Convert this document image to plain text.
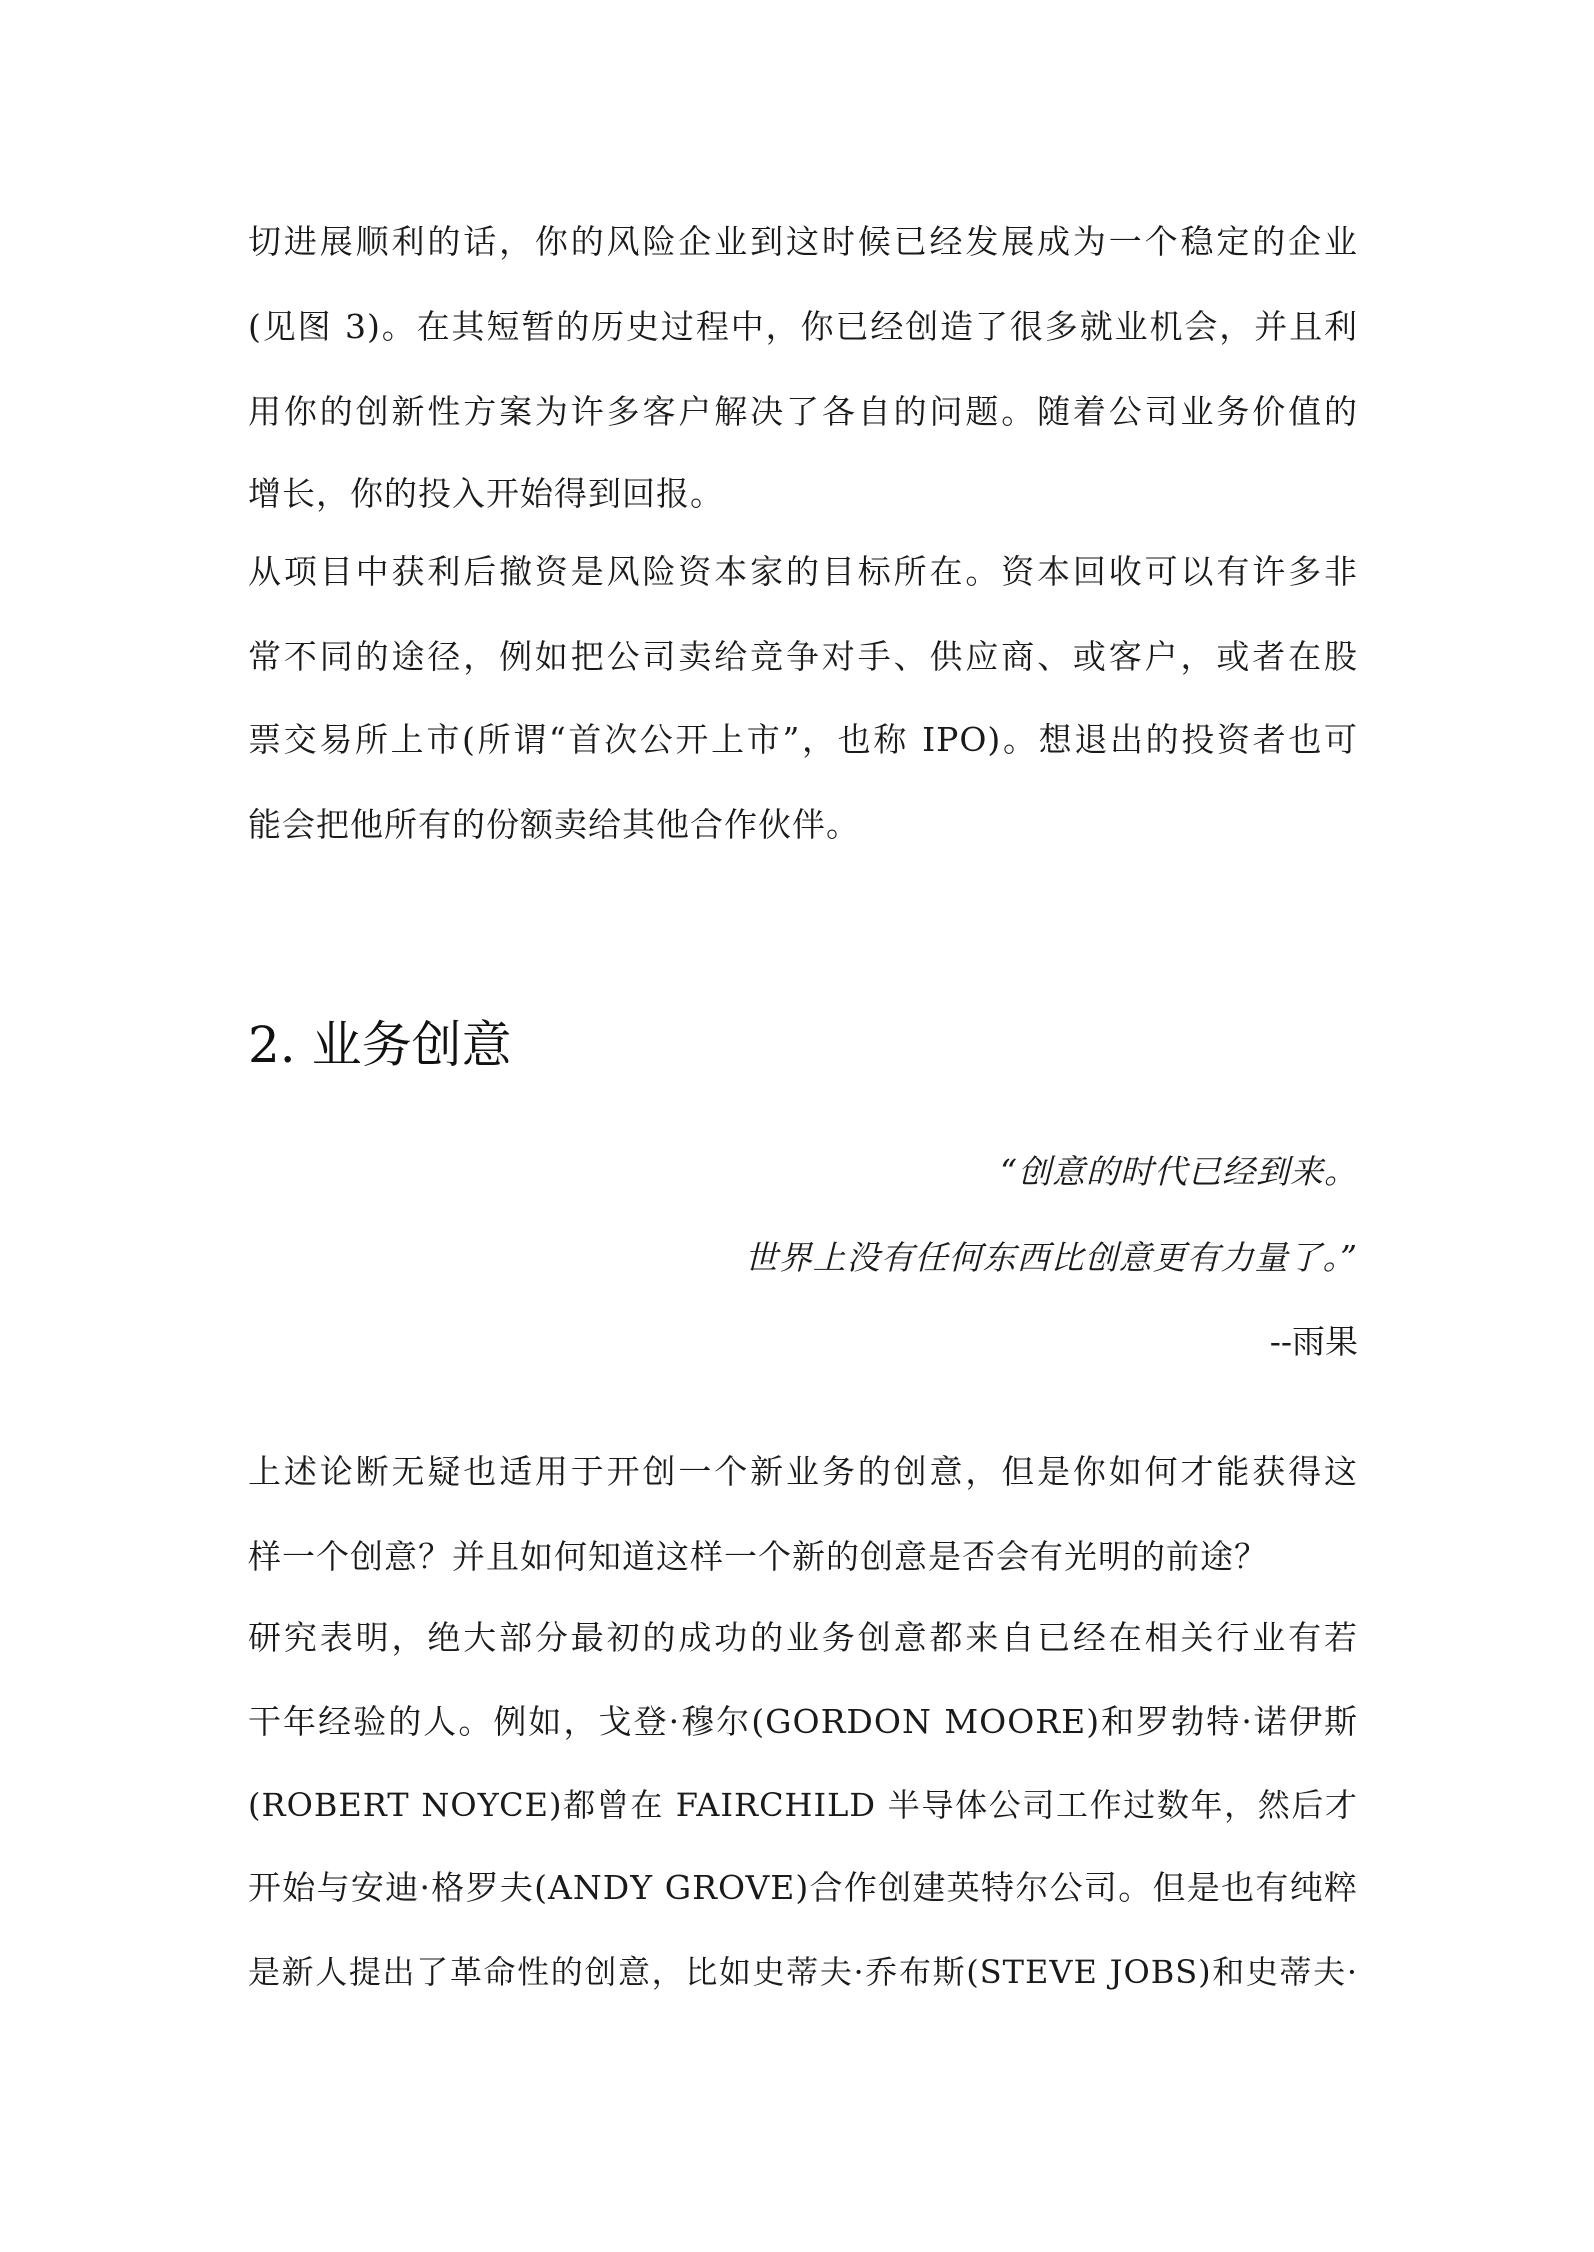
切进展顺利的话，你的风险企业到这时候已经发展成为一个稳定的企业
(见图 3)。在其短暂的历史过程中，你已经创造了很多就业机会，并且利
用你的创新性方案为许多客户解决了各自的问题。随着公司业务价值的
增长，你的投入开始得到回报。
从项目中获利后撤资是风险资本家的目标所在。资本回收可以有许多非
常不同的途径，例如把公司卖给竞争对手、供应商、或客户，或者在股
票交易所上市(所谓“首次公开上市”，也称 IPO)。想退出的投资者也可
能会把他所有的份额卖给其他合作伙伴。
2. 业务创意
“创意的时代已经到来。
世界上没有任何东西比创意更有力量了。”
--雨果
上述论断无疑也适用于开创一个新业务的创意，但是你如何才能获得这
样一个创意？并且如何知道这样一个新的创意是否会有光明的前途？
研究表明，绝大部分最初的成功的业务创意都来自已经在相关行业有若
干年经验的人。例如，戈登·穆尔(GORDON MOORE)和罗勃特·诺伊斯
(ROBERT NOYCE)都曾在 FAIRCHILD 半导体公司工作过数年，然后才
开始与安迪·格罗夫(ANDY GROVE)合作创建英特尔公司。但是也有纯粹
是新人提出了革命性的创意，比如史蒂夫·乔布斯(STEVE JOBS)和史蒂夫·
